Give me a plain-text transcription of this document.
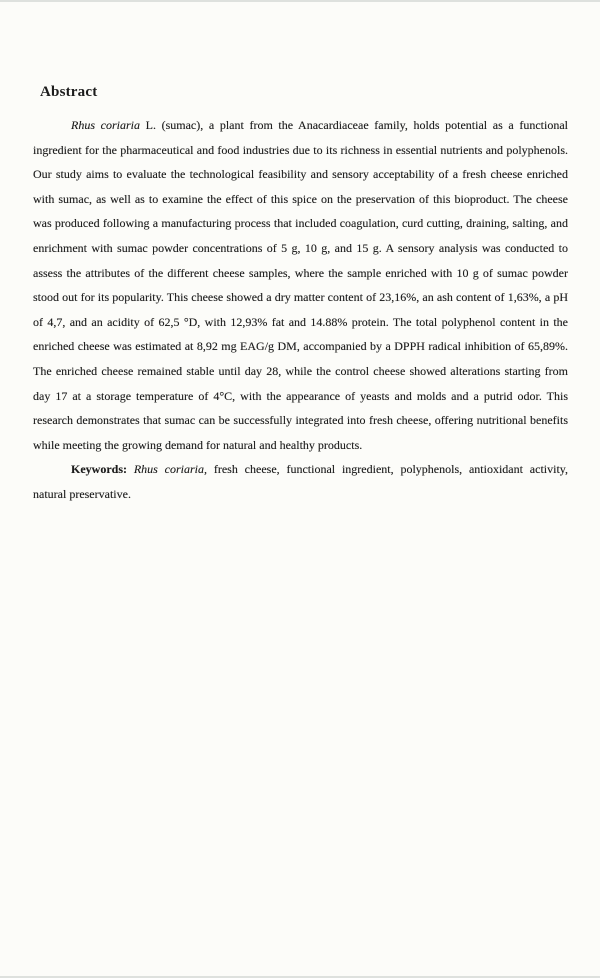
Abstract

Rhus coriaria L. (sumac), a plant from the Anacardiaceae family, holds potential as a functional ingredient for the pharmaceutical and food industries due to its richness in essential nutrients and polyphenols. Our study aims to evaluate the technological feasibility and sensory acceptability of a fresh cheese enriched with sumac, as well as to examine the effect of this spice on the preservation of this bioproduct. The cheese was produced following a manufacturing process that included coagulation, curd cutting, draining, salting, and enrichment with sumac powder concentrations of 5 g, 10 g, and 15 g. A sensory analysis was conducted to assess the attributes of the different cheese samples, where the sample enriched with 10 g of sumac powder stood out for its popularity. This cheese showed a dry matter content of 23,16%, an ash content of 1,63%, a pH of 4,7, and an acidity of 62,5 °D, with 12,93% fat and 14.88% protein. The total polyphenol content in the enriched cheese was estimated at 8,92 mg EAG/g DM, accompanied by a DPPH radical inhibition of 65,89%. The enriched cheese remained stable until day 28, while the control cheese showed alterations starting from day 17 at a storage temperature of 4°C, with the appearance of yeasts and molds and a putrid odor. This research demonstrates that sumac can be successfully integrated into fresh cheese, offering nutritional benefits while meeting the growing demand for natural and healthy products.

Keywords: Rhus coriaria, fresh cheese, functional ingredient, polyphenols, antioxidant activity, natural preservative.
